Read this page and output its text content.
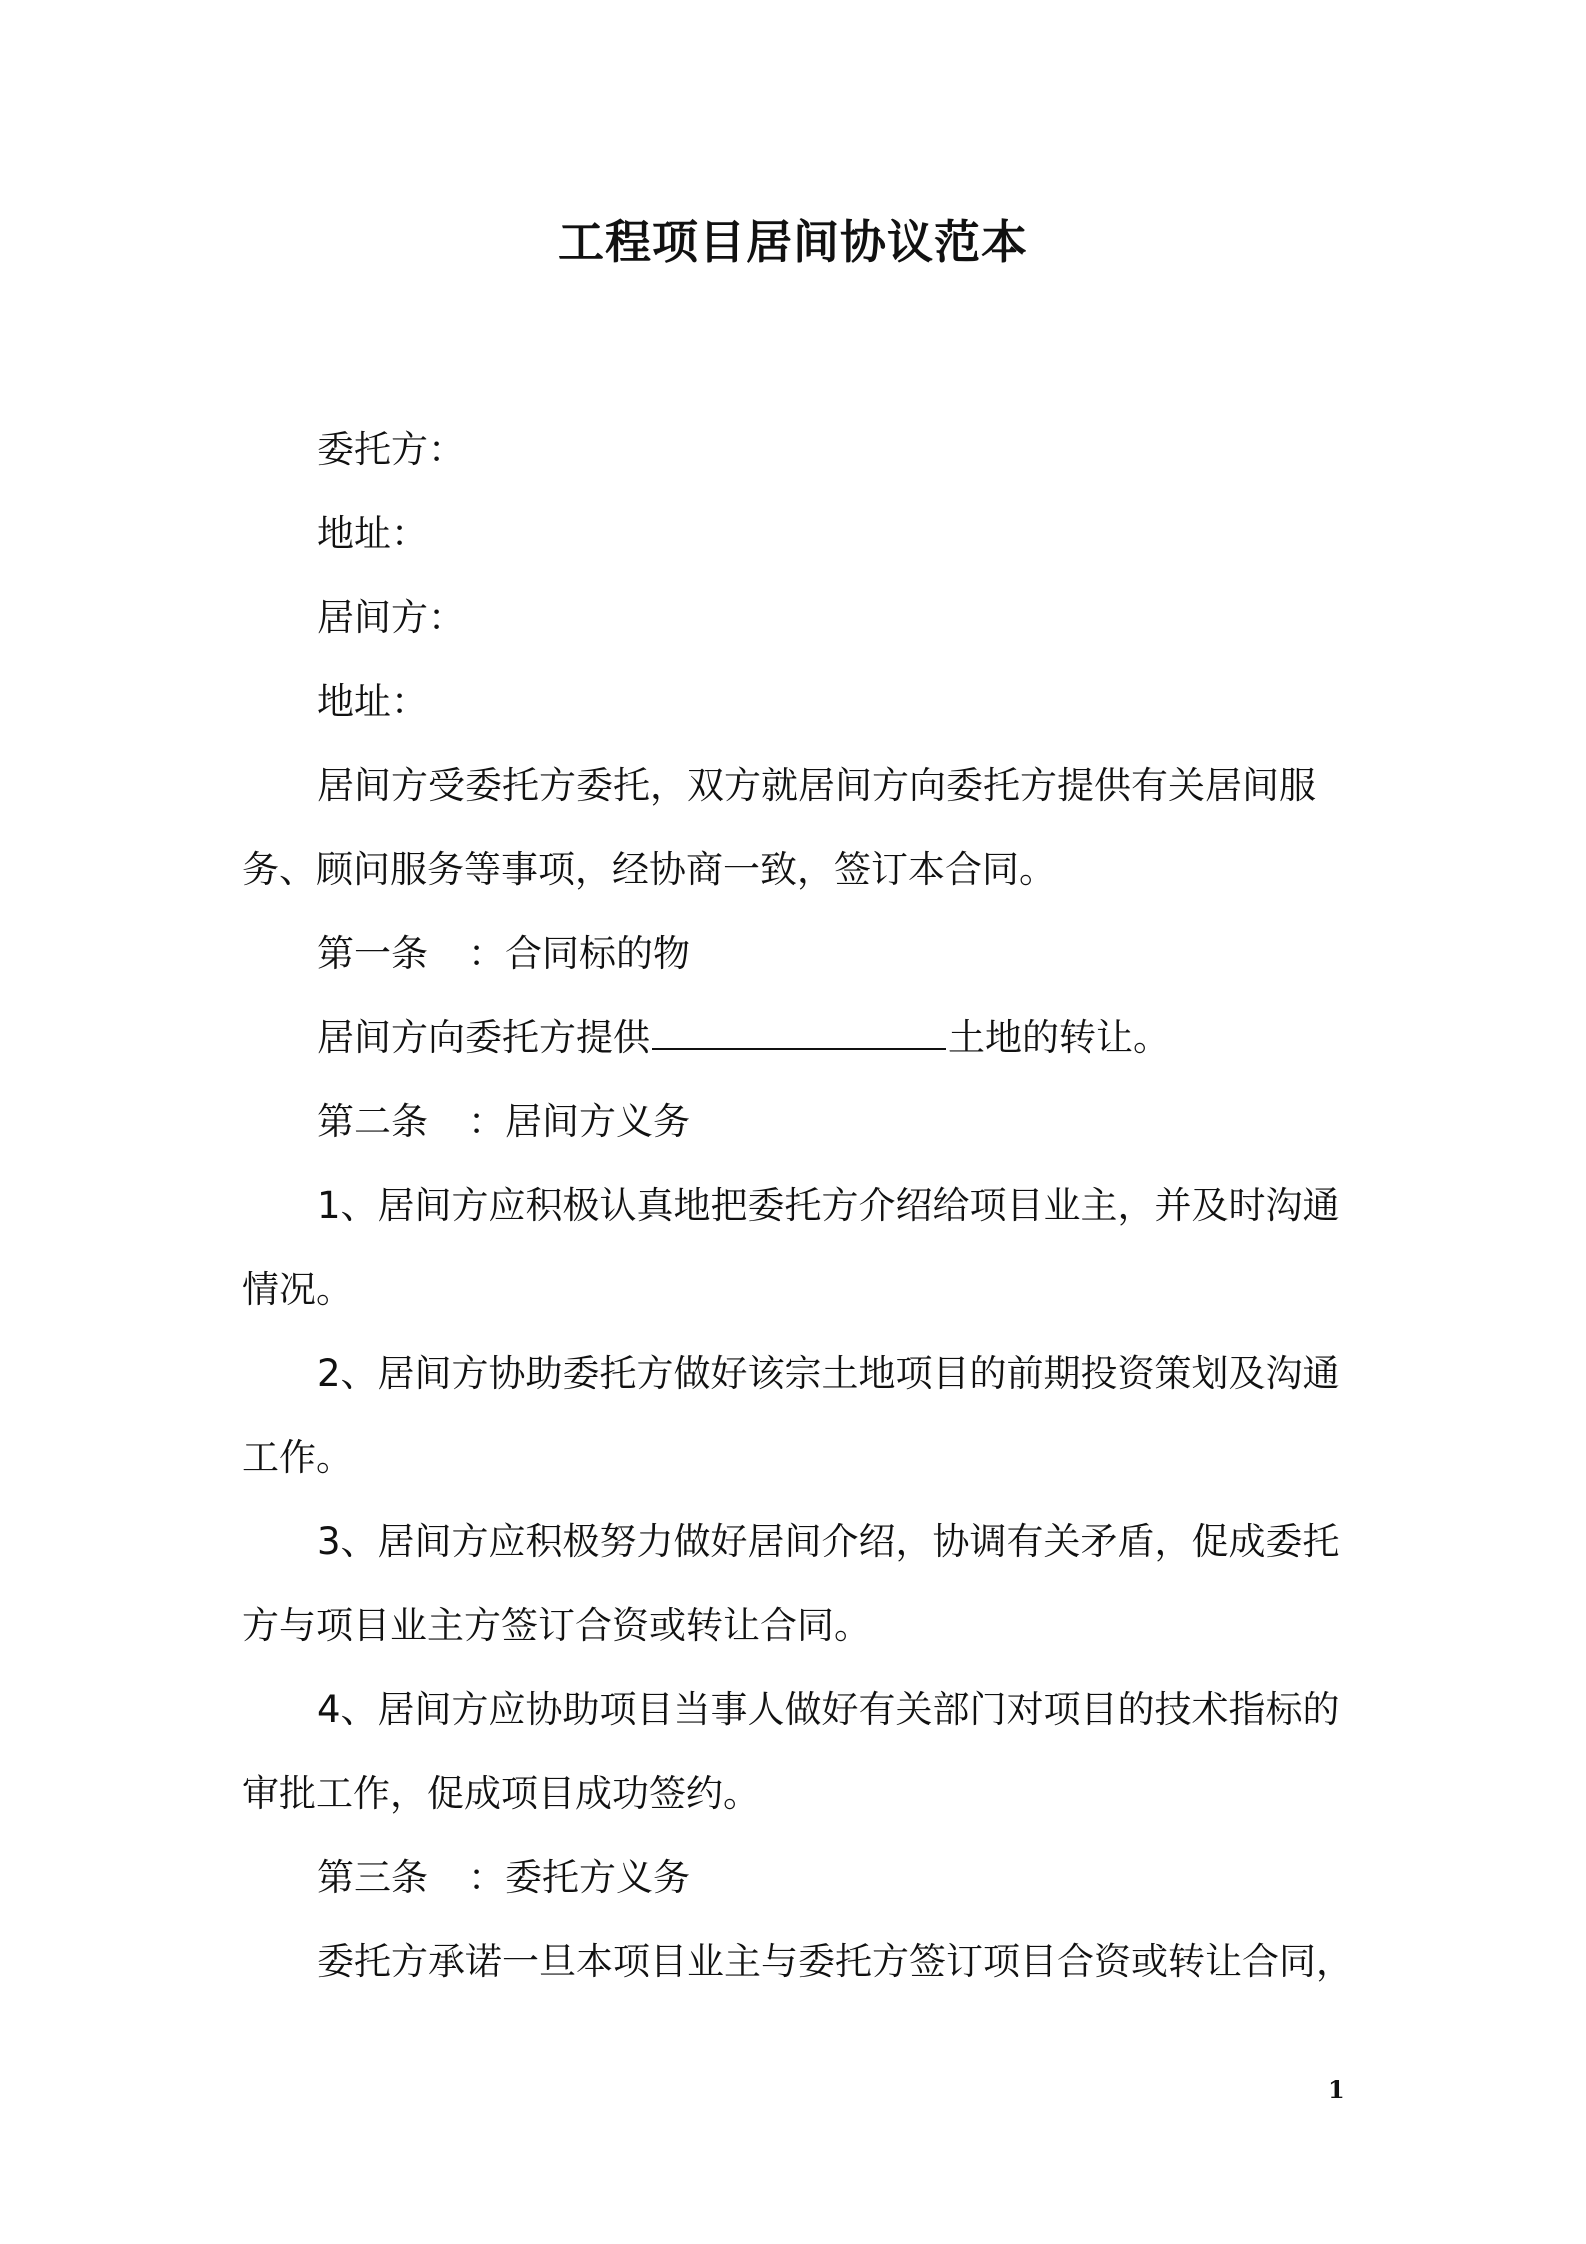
工程项目居间协议范本

委托方：

地址：

居间方：

地址：

居间方受委托方委托，双方就居间方向委托方提供有关居间服务、顾问服务等事项，经协商一致，签订本合同。

第一条 ：合同标的物

居间方向委托方提供	土地的转让。

第二条 ：居间方义务

1、居间方应积极认真地把委托方介绍给项目业主，并及时沟通情况。

2、居间方协助委托方做好该宗土地项目的前期投资策划及沟通工作。

3、居间方应积极努力做好居间介绍，协调有关矛盾，促成委托方与项目业主方签订合资或转让合同。

4、居间方应协助项目当事人做好有关部门对项目的技术指标的审批工作，促成项目成功签约。

第三条 ：委托方义务

委托方承诺一旦本项目业主与委托方签订项目合资或转让合同，

1
